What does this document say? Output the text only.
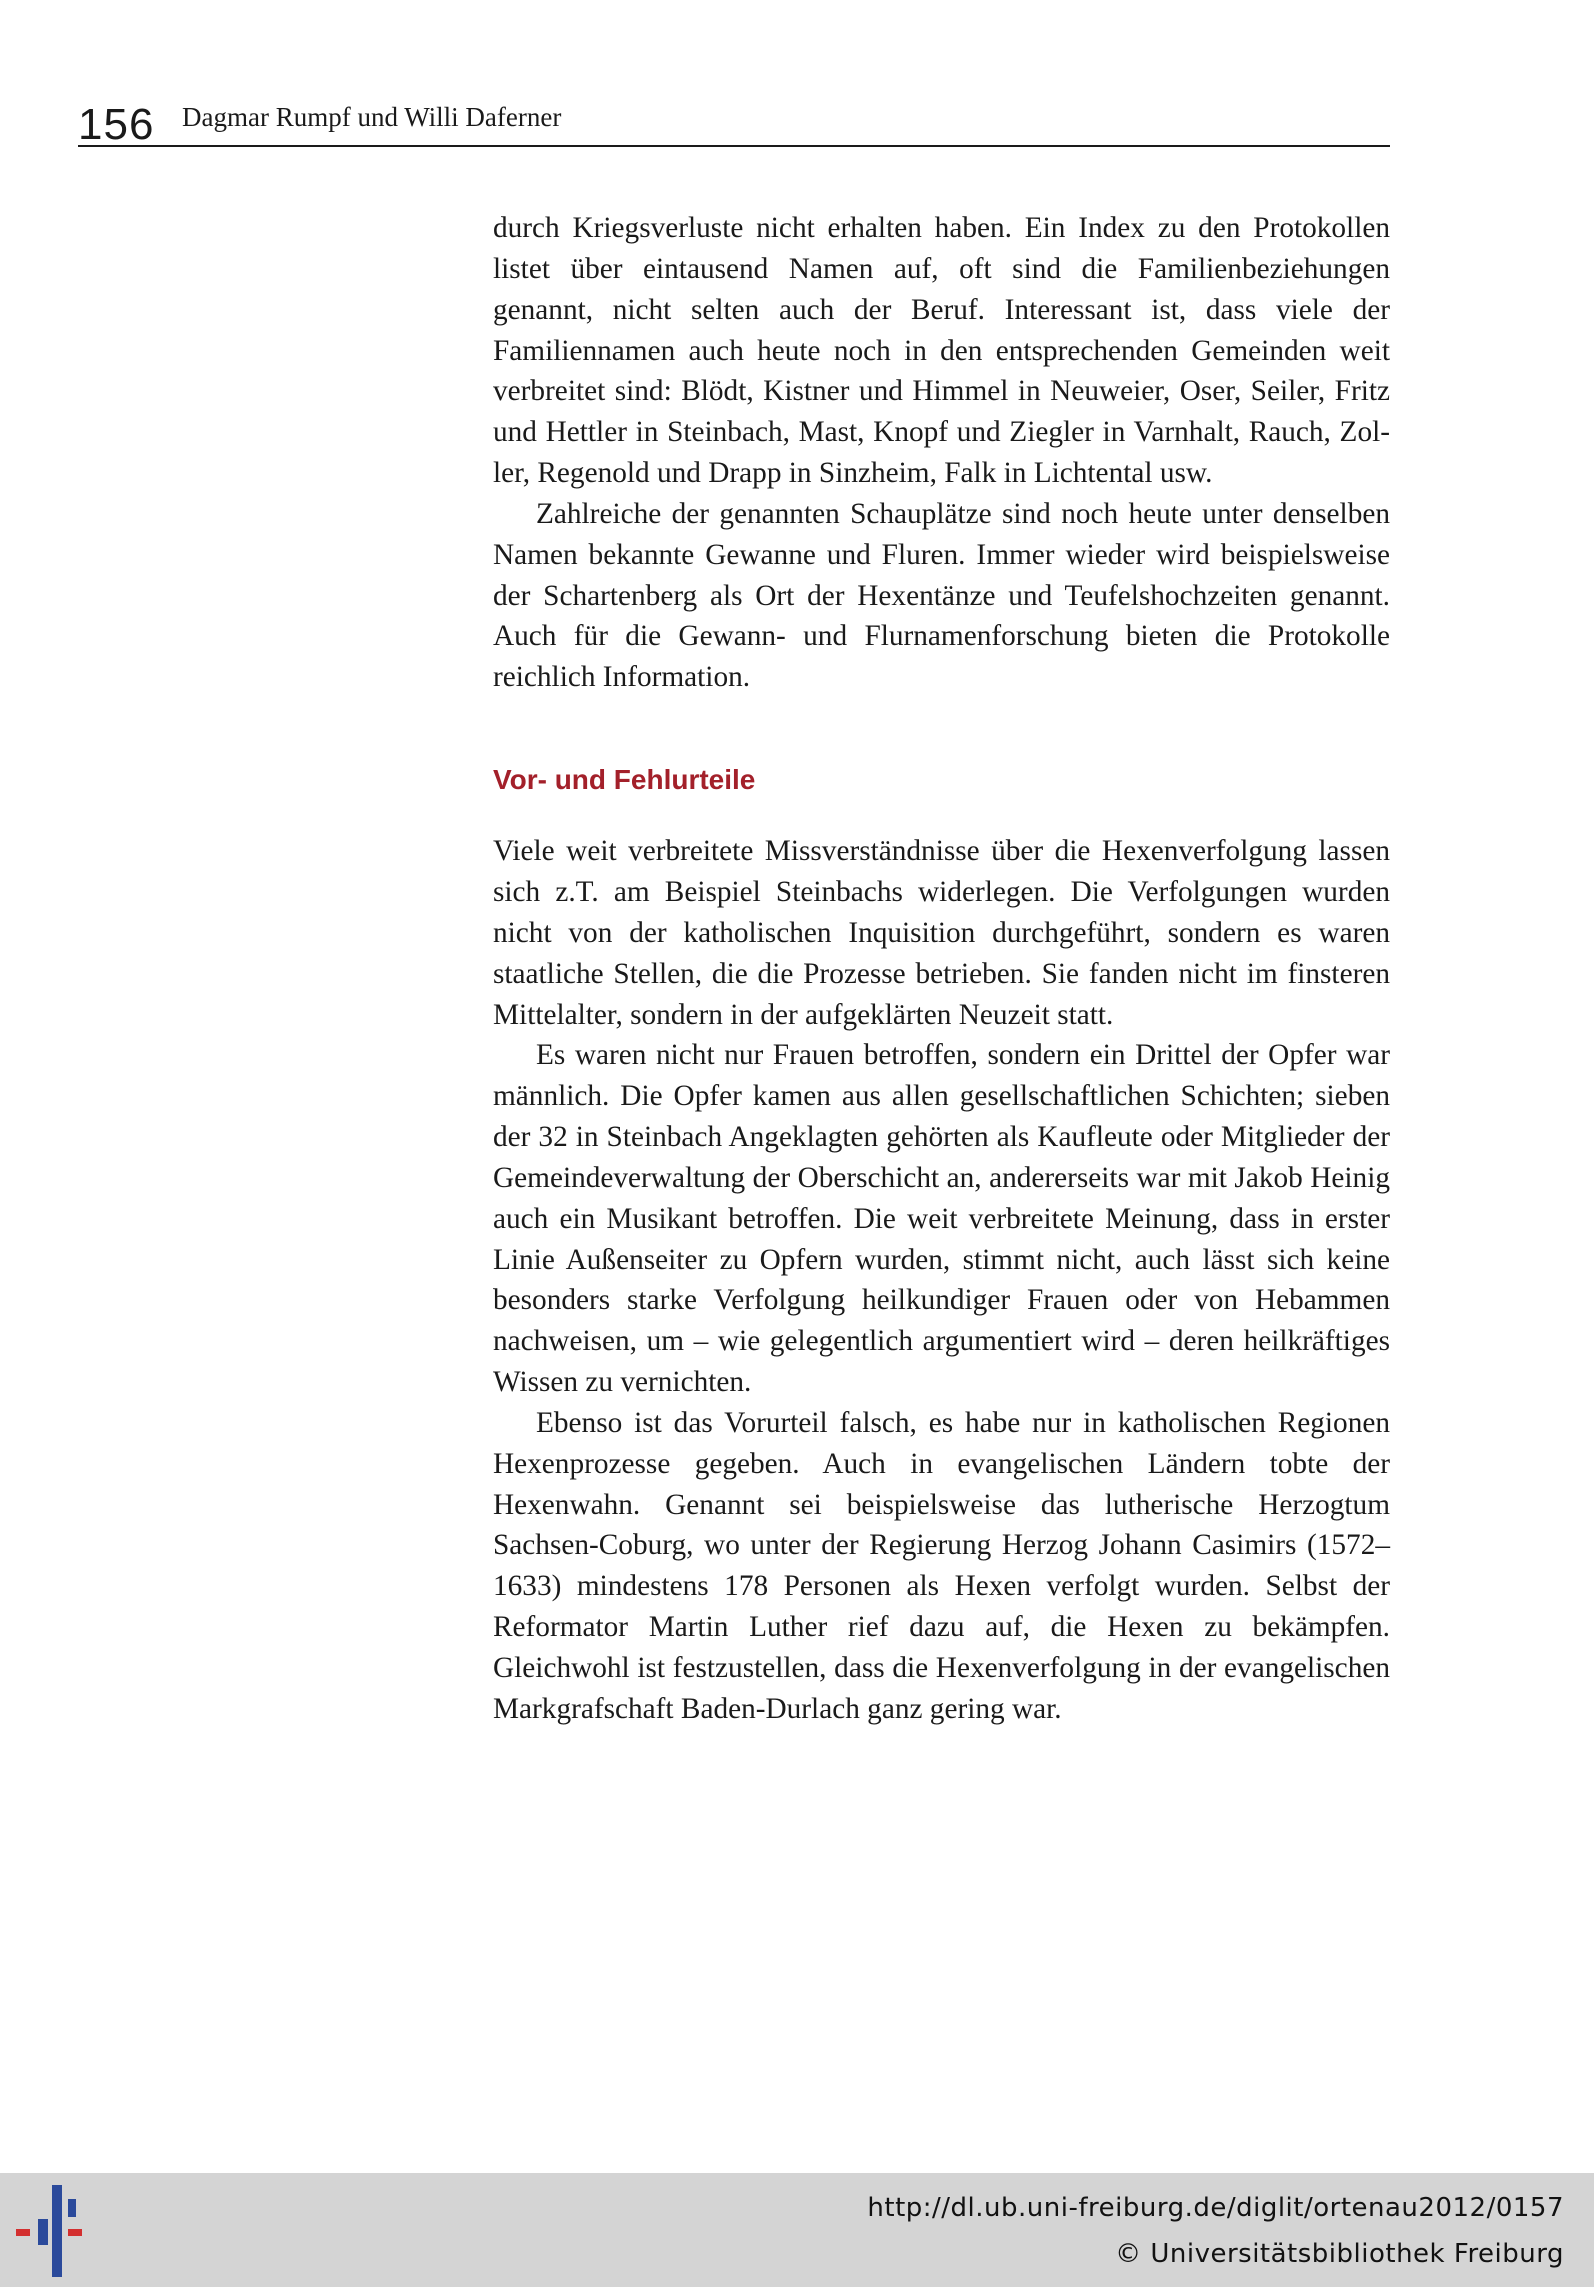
156 Dagmar Rumpf und Willi Daferner

durch Kriegsverluste nicht erhalten haben. Ein Index zu den Protokollen listet über eintausend Namen auf, oft sind die Familienbeziehungen genannt, nicht selten auch der Beruf. Interessant ist, dass viele der Familiennamen auch heute noch in den entsprechenden Gemeinden weit verbreitet sind: Blödt, Kistner und Himmel in Neuweier, Oser, Seiler, Fritz und Hettler in Steinbach, Mast, Knopf und Ziegler in Varnhalt, Rauch, Zoller, Regenold und Drapp in Sinzheim, Falk in Lichtental usw.

Zahlreiche der genannten Schauplätze sind noch heute unter denselben Namen bekannte Gewanne und Fluren. Immer wieder wird beispielsweise der Schartenberg als Ort der Hexentänze und Teufelshochzeiten genannt. Auch für die Gewann- und Flurnamenforschung bieten die Protokolle reichlich Information.

Vor- und Fehlurteile

Viele weit verbreitete Missverständnisse über die Hexenverfolgung lassen sich z.T. am Beispiel Steinbachs widerlegen. Die Verfolgungen wurden nicht von der katholischen Inquisition durchgeführt, sondern es waren staatliche Stellen, die die Prozesse betrieben. Sie fanden nicht im finsteren Mittelalter, sondern in der aufgeklärten Neuzeit statt.

Es waren nicht nur Frauen betroffen, sondern ein Drittel der Opfer war männlich. Die Opfer kamen aus allen gesellschaftlichen Schichten; sieben der 32 in Steinbach Angeklagten gehörten als Kaufleute oder Mitglieder der Gemeindeverwaltung der Oberschicht an, andererseits war mit Jakob Heinig auch ein Musikant betroffen. Die weit verbreitete Meinung, dass in erster Linie Außenseiter zu Opfern wurden, stimmt nicht, auch lässt sich keine besonders starke Verfolgung heilkundiger Frauen oder von Hebammen nachweisen, um – wie gelegentlich argumentiert wird – deren heilkräftiges Wissen zu vernichten.

Ebenso ist das Vorurteil falsch, es habe nur in katholischen Regionen Hexenprozesse gegeben. Auch in evangelischen Ländern tobte der Hexenwahn. Genannt sei beispielsweise das lutherische Herzogtum Sachsen-Coburg, wo unter der Regierung Herzog Johann Casimirs (1572–1633) mindestens 178 Personen als Hexen verfolgt wurden. Selbst der Reformator Martin Luther rief dazu auf, die Hexen zu bekämpfen. Gleichwohl ist festzustellen, dass die Hexenverfolgung in der evangelischen Markgrafschaft Baden-Durlach ganz gering war.

http://dl.ub.uni-freiburg.de/diglit/ortenau2012/0157
© Universitätsbibliothek Freiburg
